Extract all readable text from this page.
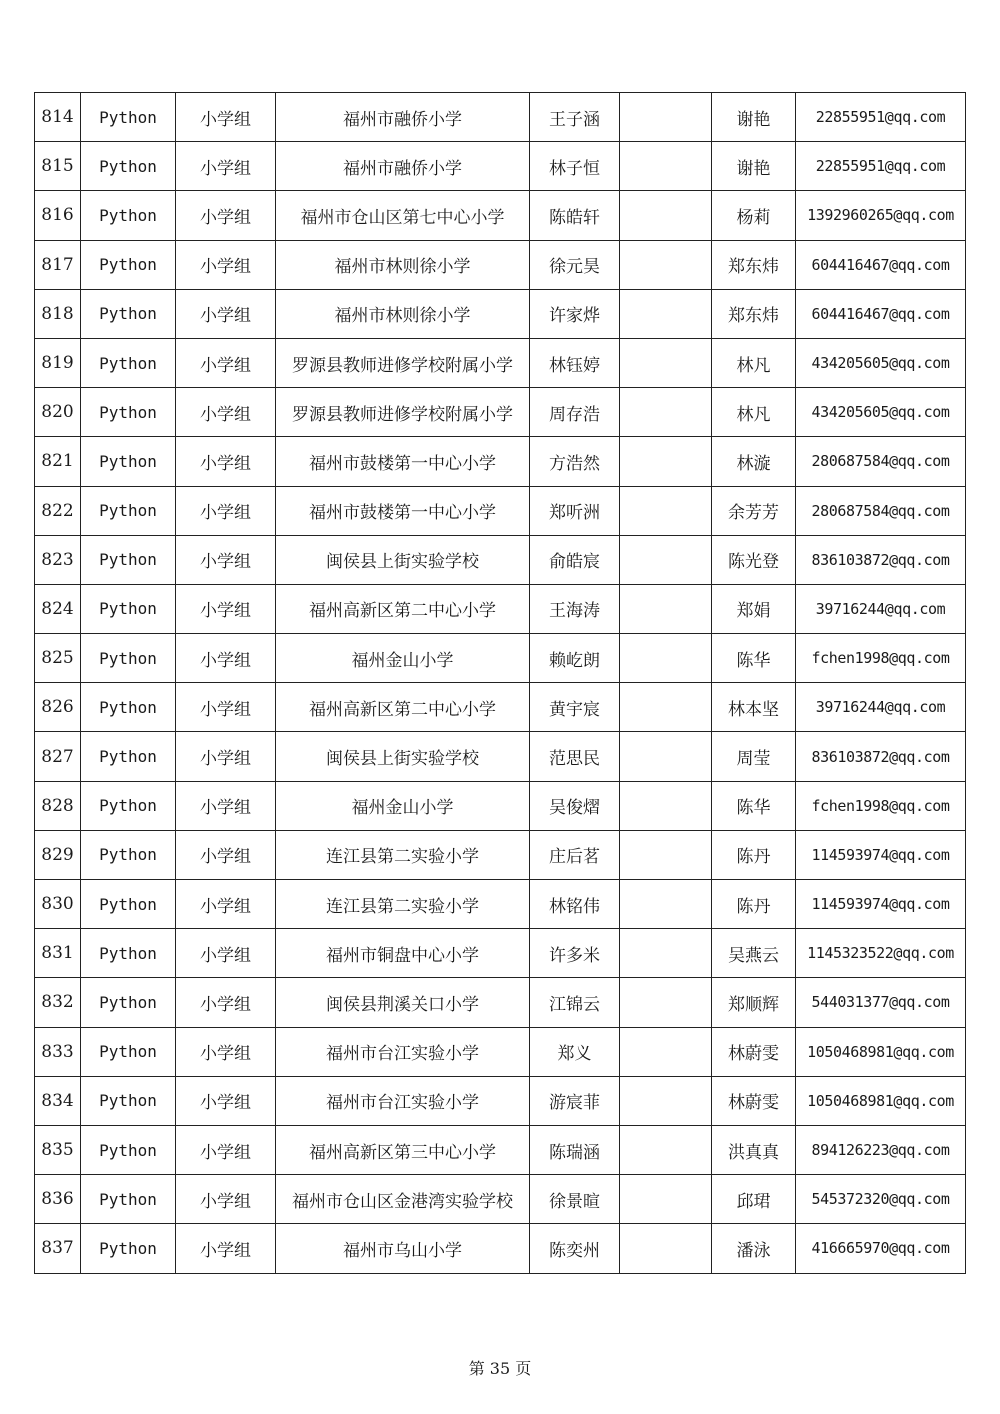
814	Python	小学组	福州市融侨小学	王子涵		谢艳	22855951@qq.com
815	Python	小学组	福州市融侨小学	林子恒		谢艳	22855951@qq.com
816	Python	小学组	福州市仓山区第七中心小学	陈皓轩		杨莉	1392960265@qq.com
817	Python	小学组	福州市林则徐小学	徐元昊		郑东炜	604416467@qq.com
818	Python	小学组	福州市林则徐小学	许家烨		郑东炜	604416467@qq.com
819	Python	小学组	罗源县教师进修学校附属小学	林钰婷		林凡	434205605@qq.com
820	Python	小学组	罗源县教师进修学校附属小学	周存浩		林凡	434205605@qq.com
821	Python	小学组	福州市鼓楼第一中心小学	方浩然		林漩	280687584@qq.com
822	Python	小学组	福州市鼓楼第一中心小学	郑听洲		余芳芳	280687584@qq.com
823	Python	小学组	闽侯县上街实验学校	俞皓宸		陈光登	836103872@qq.com
824	Python	小学组	福州高新区第二中心小学	王海涛		郑娟	39716244@qq.com
825	Python	小学组	福州金山小学	赖屹朗		陈华	fchen1998@qq.com
826	Python	小学组	福州高新区第二中心小学	黄宇宸		林本坚	39716244@qq.com
827	Python	小学组	闽侯县上街实验学校	范思民		周莹	836103872@qq.com
828	Python	小学组	福州金山小学	吴俊熠		陈华	fchen1998@qq.com
829	Python	小学组	连江县第二实验小学	庄后茗		陈丹	114593974@qq.com
830	Python	小学组	连江县第二实验小学	林铭伟		陈丹	114593974@qq.com
831	Python	小学组	福州市铜盘中心小学	许多米		吴燕云	1145323522@qq.com
832	Python	小学组	闽侯县荆溪关口小学	江锦云		郑顺辉	544031377@qq.com
833	Python	小学组	福州市台江实验小学	郑义		林蔚雯	1050468981@qq.com
834	Python	小学组	福州市台江实验小学	游宸菲		林蔚雯	1050468981@qq.com
835	Python	小学组	福州高新区第三中心小学	陈瑞涵		洪真真	894126223@qq.com
836	Python	小学组	福州市仓山区金港湾实验学校	徐景暄		邱珺	545372320@qq.com
837	Python	小学组	福州市乌山小学	陈奕州		潘泳	416665970@qq.com
第 35 页
